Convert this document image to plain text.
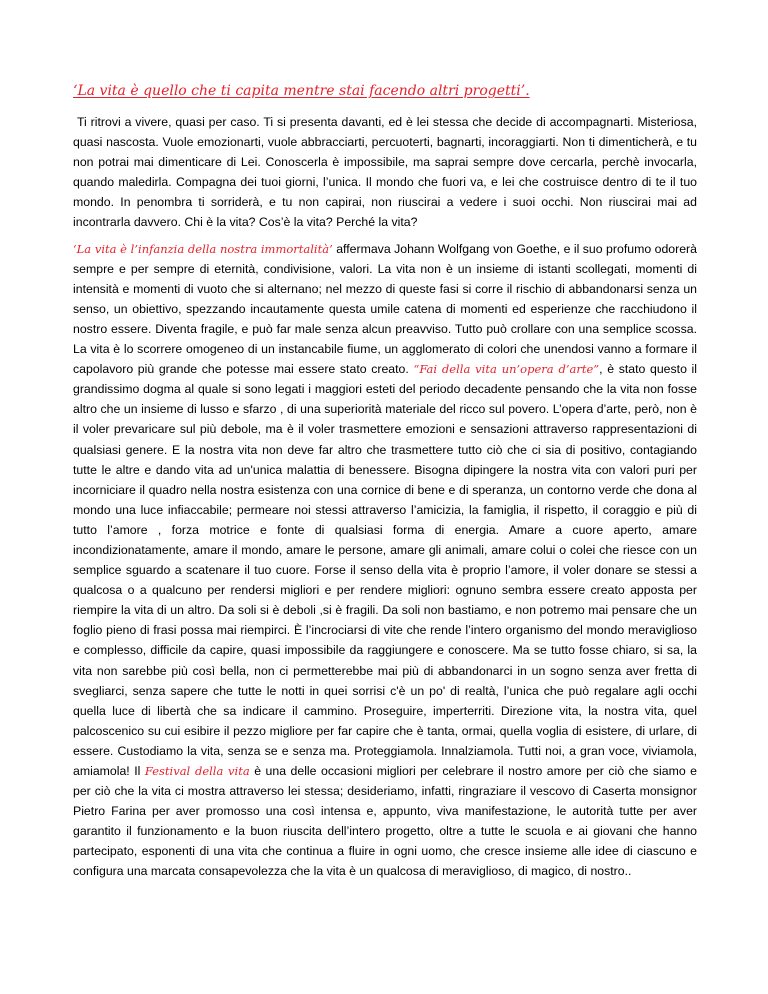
‘La vita è quello che ti capita mentre stai facendo altri progetti’.

Ti ritrovi a vivere, quasi per caso. Ti si presenta davanti, ed è lei stessa che decide di accompagnarti. Misteriosa, quasi nascosta. Vuole emozionarti, vuole abbracciarti, percuoterti, bagnarti, incoraggiarti. Non ti dimenticherà, e tu non potrai mai dimenticare di Lei. Conoscerla è impossibile, ma saprai sempre dove cercarla, perchè invocarla, quando maledirla. Compagna dei tuoi giorni, l’unica. Il mondo che fuori va, e lei che costruisce dentro di te il tuo mondo. In penombra ti sorriderà, e tu non capirai, non riuscirai a vedere i suoi occhi. Non riuscirai mai ad incontrarla davvero. Chi è la vita? Cos’è la vita? Perché la vita?

‘La vita è l’infanzia della nostra immortalità’ affermava Johann Wolfgang von Goethe, e il suo profumo odorerà sempre e per sempre di eternità, condivisione, valori. La vita non è un insieme di istanti scollegati, momenti di intensità e momenti di vuoto che si alternano; nel mezzo di queste fasi si corre il rischio di abbandonarsi senza un senso, un obiettivo, spezzando incautamente questa umile catena di momenti ed esperienze che racchiudono il nostro essere. Diventa fragile, e può far male senza alcun preavviso. Tutto può crollare con una semplice scossa. La vita è lo scorrere omogeneo di un instancabile fiume, un agglomerato di colori che unendosi vanno a formare il capolavoro più grande che potesse mai essere stato creato. “Fai della vita un’opera d’arte”, è stato questo il grandissimo dogma al quale si sono legati i maggiori esteti del periodo decadente pensando che la vita non fosse altro che un insieme di lusso e sfarzo , di una superiorità materiale del ricco sul povero. L’opera d’arte, però, non è il voler prevaricare sul più debole, ma è il voler trasmettere emozioni e sensazioni attraverso rappresentazioni di qualsiasi genere. E la nostra vita non deve far altro che trasmettere tutto ciò che ci sia di positivo, contagiando tutte le altre e dando vita ad un'unica malattia di benessere. Bisogna dipingere la nostra vita con valori puri per incorniciare il quadro nella nostra esistenza con una cornice di bene e di speranza, un contorno verde che dona al mondo una luce infiaccabile; permeare noi stessi attraverso l’amicizia, la famiglia, il rispetto, il coraggio e più di tutto l’amore , forza motrice e fonte di qualsiasi forma di energia. Amare a cuore aperto, amare incondizionatamente, amare il mondo, amare le persone, amare gli animali, amare colui o colei che riesce con un semplice sguardo a scatenare il tuo cuore. Forse il senso della vita è proprio l’amore, il voler donare se stessi a qualcosa o a qualcuno per rendersi migliori e per rendere migliori: ognuno sembra essere creato apposta per riempire la vita di un altro. Da soli si è deboli ,si è fragili. Da soli non bastiamo, e non potremo mai pensare che un foglio pieno di frasi possa mai riempirci. È l’incrociarsi di vite che rende l’intero organismo del mondo meraviglioso e complesso, difficile da capire, quasi impossibile da raggiungere e conoscere. Ma se tutto fosse chiaro, si sa, la vita non sarebbe più così bella, non ci permetterebbe mai più di abbandonarci in un sogno senza aver fretta di svegliarci, senza sapere che tutte le notti in quei sorrisi c'è un po' di realtà, l’unica che può regalare agli occhi quella luce di libertà che sa indicare il cammino. Proseguire, imperterriti. Direzione vita, la nostra vita, quel palcoscenico su cui esibire il pezzo migliore per far capire che è tanta, ormai, quella voglia di esistere, di urlare, di essere. Custodiamo la vita, senza se e senza ma. Proteggiamola. Innalziamola. Tutti noi, a gran voce, viviamola, amiamola! Il Festival della vita è una delle occasioni migliori per celebrare il nostro amore per ciò che siamo e per ciò che la vita ci mostra attraverso lei stessa; desideriamo, infatti, ringraziare il vescovo di Caserta monsignor Pietro Farina per aver promosso una così intensa e, appunto, viva manifestazione, le autorità tutte per aver garantito il funzionamento e la buon riuscita dell’intero progetto, oltre a tutte le scuola e ai giovani che hanno partecipato, esponenti di una vita che continua a fluire in ogni uomo, che cresce insieme alle idee di ciascuno e configura una marcata consapevolezza che la vita è un qualcosa di meraviglioso, di magico, di nostro..
